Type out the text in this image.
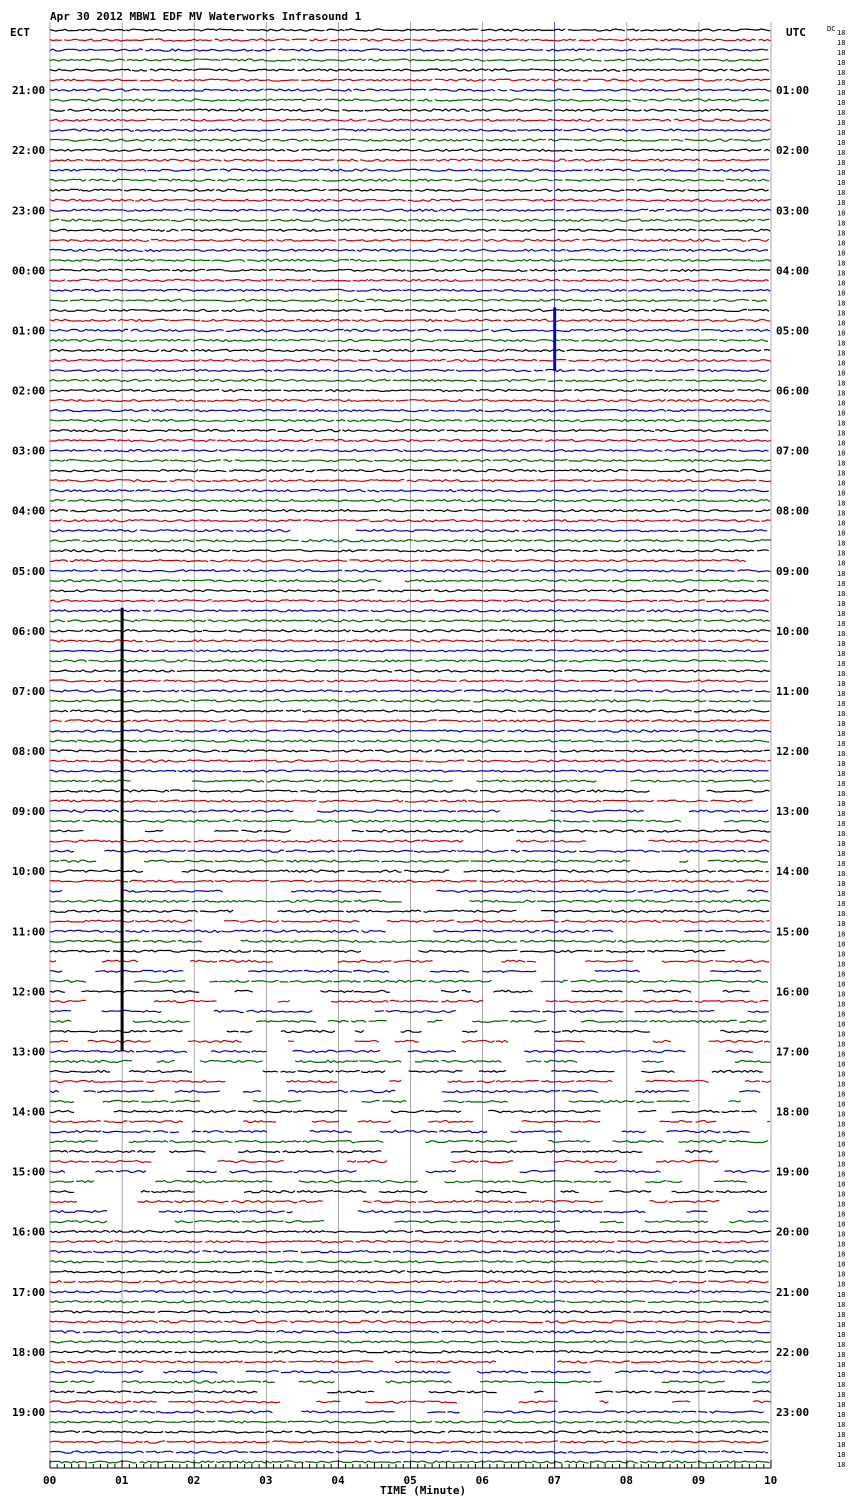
Apr 30 2012 MBW1 EDF MV Waterworks Infrasound 1
ECT	UTC	DC
TIME (Minute)
18
18
18
18
18
18
18
18
18
18
18
18
18
18
18
18
18
18
18
18
18
18
18
18
18
18
18
18
18
18
18
18
18
18
18
18
18
18
18
18
18
18
18
18
18
18
18
18
18
18
18
18
18
18
18
18
18
18
18
18
18
18
18
18
18
18
18
18
18
18
18
18
18
18
18
18
18
18
18
18
18
18
18
18
18
18
18
18
18
18
18
18
18
18
18
18
18
18
18
18
18
18
18
18
18
18
18
18
18
18
18
18
18
18
18
18
18
18
18
18
18
18
18
18
18
18
18
18
18
18
18
18
18
18
18
18
18
18
18
18
18
18
18
18
21:00
22:00
23:00
00:00
01:00
02:00
03:00
04:00
05:00
06:00
07:00
08:00
09:00
10:00
11:00
12:00
13:00
14:00
15:00
16:00
17:00
18:00
19:00
01:00
02:00
03:00
04:00
05:00
06:00
07:00
08:00
09:00
10:00
11:00
12:00
13:00
14:00
15:00
16:00
17:00
18:00
19:00
20:00
21:00
22:00
23:00
00	01	02	03	04	05	06	07	08	09	10
